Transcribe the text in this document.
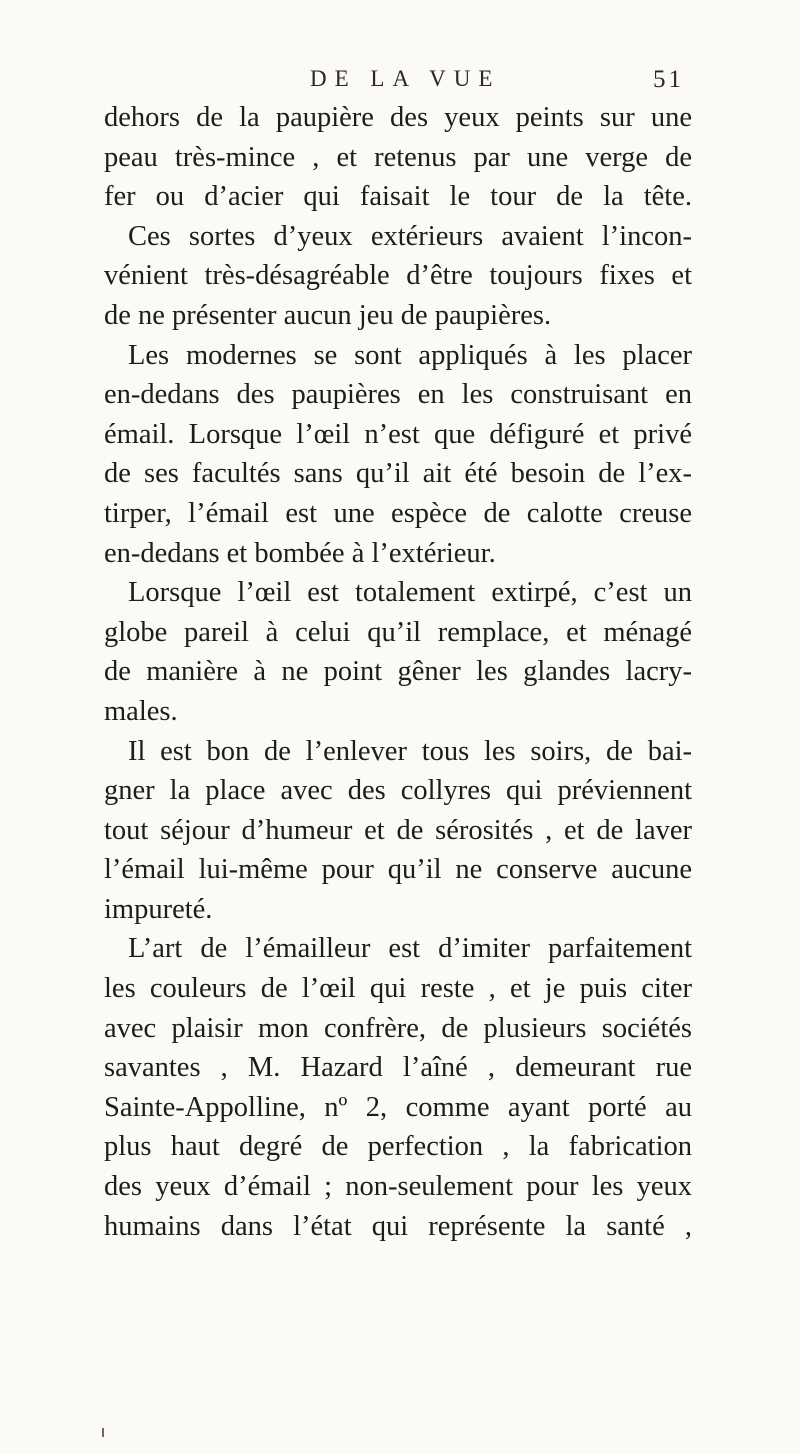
DE LA VUE	51
dehors de la paupière des yeux peints sur une
peau très-mince , et retenus par une verge de
fer ou d’acier qui faisait le tour de la tête.
Ces sortes d’yeux extérieurs avaient l’incon-
vénient très-désagréable d’être toujours fixes et
de ne présenter aucun jeu de paupières.
Les modernes se sont appliqués à les placer
en-dedans des paupières en les construisant en
émail. Lorsque l’œil n’est que défiguré et privé
de ses facultés sans qu’il ait été besoin de l’ex-
tirper, l’émail est une espèce de calotte creuse
en-dedans et bombée à l’extérieur.
Lorsque l’œil est totalement extirpé, c’est un
globe pareil à celui qu’il remplace, et ménagé
de manière à ne point gêner les glandes lacry-
males.
Il est bon de l’enlever tous les soirs, de bai-
gner la place avec des collyres qui préviennent
tout séjour d’humeur et de sérosités , et de laver
l’émail lui-même pour qu’il ne conserve aucune
impureté.
L’art de l’émailleur est d’imiter parfaitement
les couleurs de l’œil qui reste , et je puis citer
avec plaisir mon confrère, de plusieurs sociétés
savantes , M. Hazard l’aîné , demeurant rue
Sainte-Appolline, nº 2, comme ayant porté au
plus haut degré de perfection , la fabrication
des yeux d’émail ; non-seulement pour les yeux
humains dans l’état qui représente la santé ,
